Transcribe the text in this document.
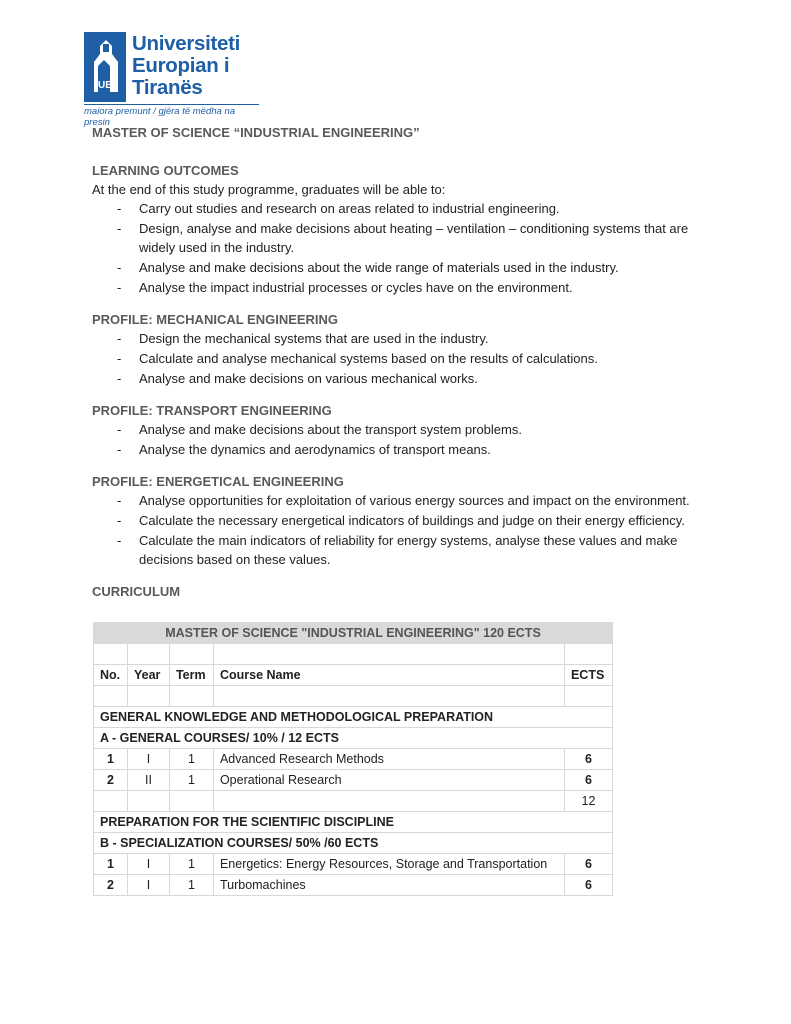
UE
Universiteti
Europian i
Tiranës
maiora premunt / gjëra të mëdha na presin

MASTER OF SCIENCE “INDUSTRIAL ENGINEERING”

LEARNING OUTCOMES

At the end of this study programme, graduates will be able to:

- Carry out studies and research on areas related to industrial engineering.
- Design, analyse and make decisions about heating – ventilation – conditioning systems that are widely used in the industry.
- Analyse and make decisions about the wide range of materials used in the industry.
- Analyse the impact industrial processes or cycles have on the environment.

PROFILE: MECHANICAL ENGINEERING

- Design the mechanical systems that are used in the industry.
- Calculate and analyse mechanical systems based on the results of calculations.
- Analyse and make decisions on various mechanical works.

PROFILE: TRANSPORT ENGINEERING

- Analyse and make decisions about the transport system problems.
- Analyse the dynamics and aerodynamics of transport means.

PROFILE: ENERGETICAL ENGINEERING

- Analyse opportunities for exploitation of various energy sources and impact on the environment.
- Calculate the necessary energetical indicators of buildings and judge on their energy efficiency.
- Calculate the main indicators of reliability for energy systems, analyse these values and make decisions based on these values.

CURRICULUM

MASTER OF SCIENCE "INDUSTRIAL ENGINEERING" 120 ECTS				

No.	Year	Term	Course Name	ECTS

GENERAL KNOWLEDGE AND METHODOLOGICAL PREPARATION				
A - GENERAL COURSES/ 10% / 12 ECTS				
1	I	1	Advanced Research Methods	6
2	II	1	Operational Research	6
				12
PREPARATION FOR THE SCIENTIFIC DISCIPLINE				
B - SPECIALIZATION COURSES/ 50% /60 ECTS				
1	I	1	Energetics: Energy Resources, Storage and Transportation	6
2	I	1	Turbomachines	6
